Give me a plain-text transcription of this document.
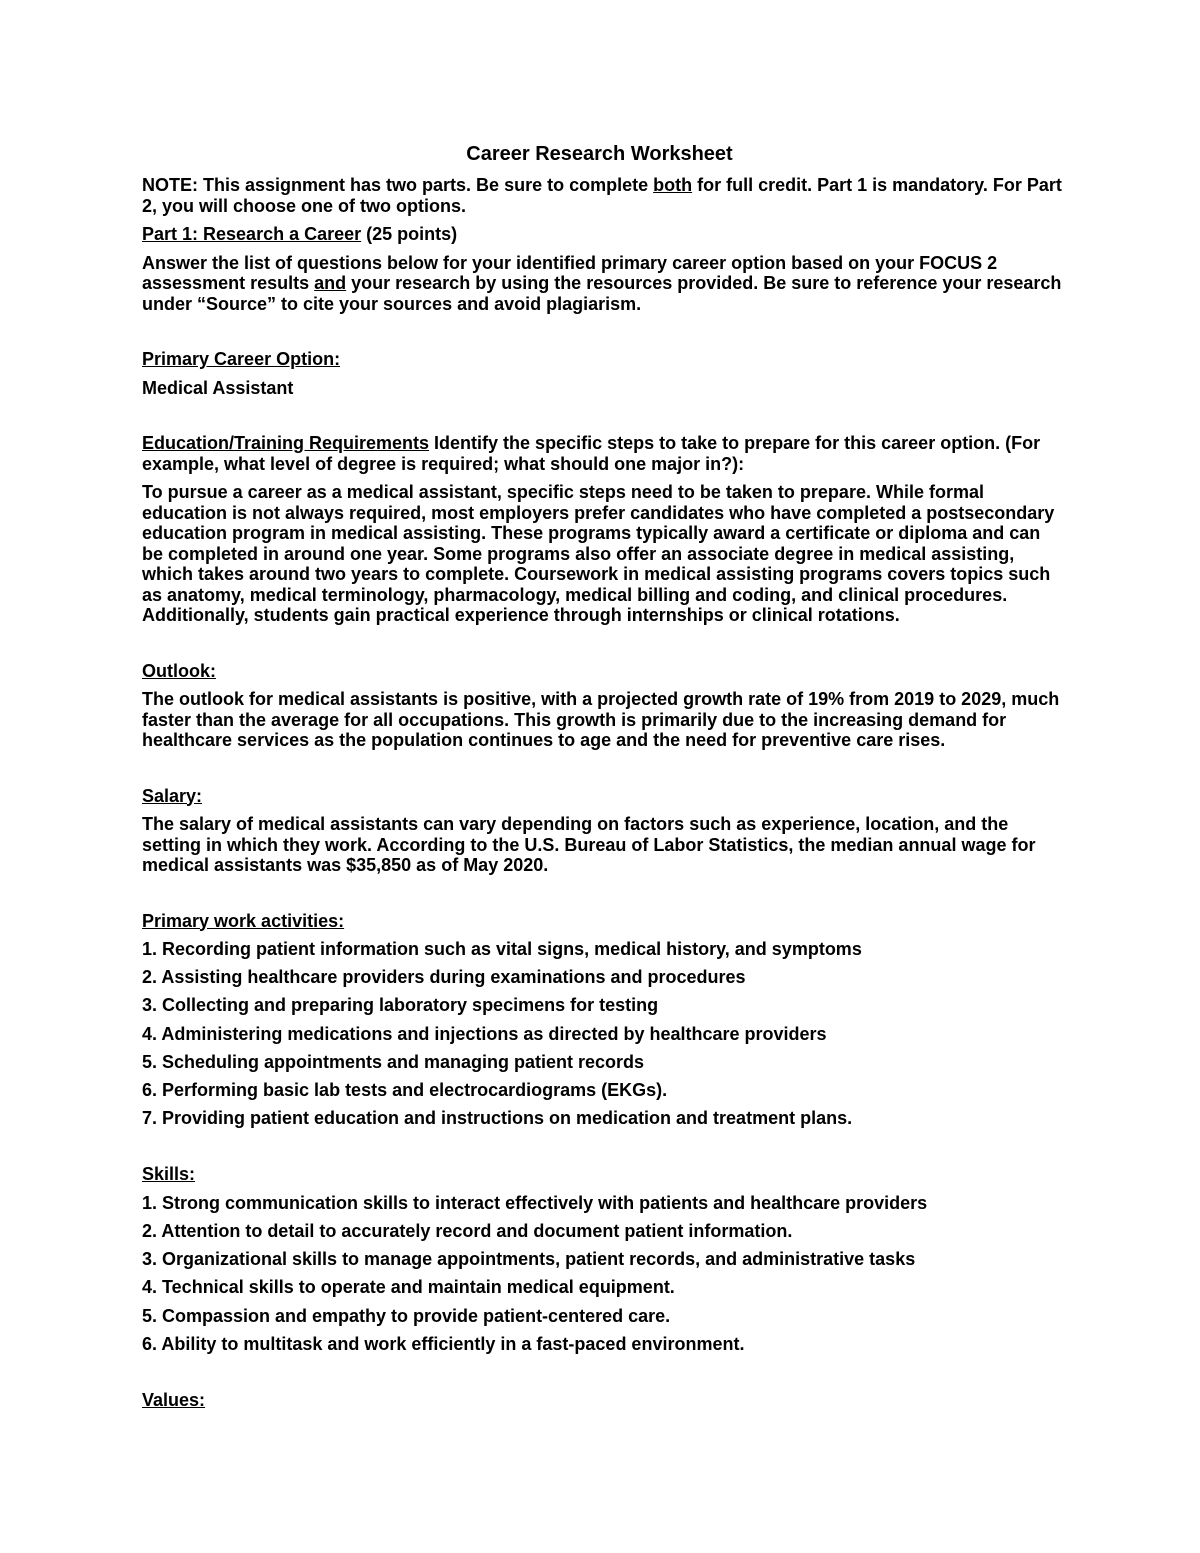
Career Research Worksheet

NOTE: This assignment has two parts. Be sure to complete both for full credit. Part 1 is mandatory. For Part 2, you will choose one of two options.

Part 1: Research a Career (25 points)

Answer the list of questions below for your identified primary career option based on your FOCUS 2 assessment results and your research by using the resources provided. Be sure to reference your research under “Source” to cite your sources and avoid plagiarism.

Primary Career Option:

Medical Assistant

Education/Training Requirements Identify the specific steps to take to prepare for this career option. (For example, what level of degree is required; what should one major in?):

To pursue a career as a medical assistant, specific steps need to be taken to prepare. While formal education is not always required, most employers prefer candidates who have completed a postsecondary education program in medical assisting. These programs typically award a certificate or diploma and can be completed in around one year. Some programs also offer an associate degree in medical assisting, which takes around two years to complete. Coursework in medical assisting programs covers topics such as anatomy, medical terminology, pharmacology, medical billing and coding, and clinical procedures. Additionally, students gain practical experience through internships or clinical rotations.

Outlook:

The outlook for medical assistants is positive, with a projected growth rate of 19% from 2019 to 2029, much faster than the average for all occupations. This growth is primarily due to the increasing demand for healthcare services as the population continues to age and the need for preventive care rises.

Salary:

The salary of medical assistants can vary depending on factors such as experience, location, and the setting in which they work. According to the U.S. Bureau of Labor Statistics, the median annual wage for medical assistants was $35,850 as of May 2020.

Primary work activities:

1. Recording patient information such as vital signs, medical history, and symptoms
2. Assisting healthcare providers during examinations and procedures
3. Collecting and preparing laboratory specimens for testing
4. Administering medications and injections as directed by healthcare providers
5. Scheduling appointments and managing patient records
6. Performing basic lab tests and electrocardiograms (EKGs).
7. Providing patient education and instructions on medication and treatment plans.

Skills:

1. Strong communication skills to interact effectively with patients and healthcare providers
2. Attention to detail to accurately record and document patient information.
3. Organizational skills to manage appointments, patient records, and administrative tasks
4. Technical skills to operate and maintain medical equipment.
5. Compassion and empathy to provide patient-centered care.
6. Ability to multitask and work efficiently in a fast-paced environment.

Values:
